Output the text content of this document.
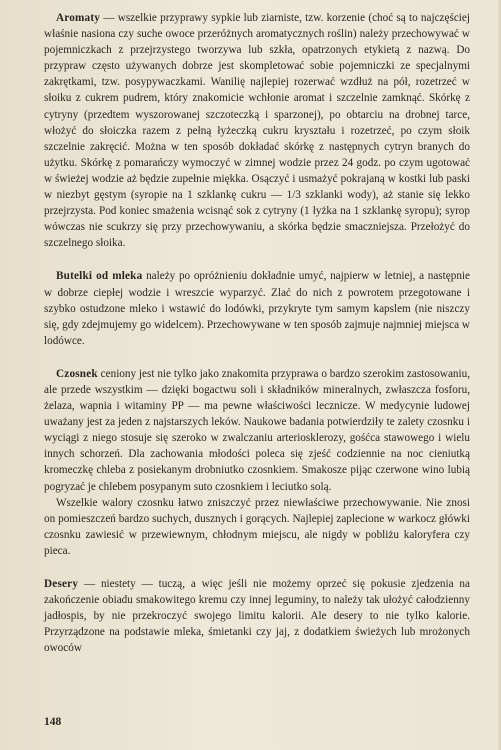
Aromaty — wszelkie przyprawy sypkie lub ziarniste, tzw. korzenie (choć są to najczęściej właśnie nasiona czy suche owoce przeróżnych aromatycznych roślin) należy przechowywać w pojemniczkach z przejrzystego tworzywa lub szkła, opatrzonych etykietą z nazwą. Do przypraw często używanych dobrze jest skompletować sobie pojemniczki ze specjalnymi zakrętkami, tzw. posypywaczkami. Wanilię najlepiej rozerwać wzdłuż na pół, rozetrzeć w słoiku z cukrem pudrem, który znakomicie wchłonie aromat i szczelnie zamknąć. Skórkę z cytryny (przedtem wyszorowanej szczoteczką i sparzonej), po obtarciu na drobnej tarce, włożyć do słoiczka razem z pełną łyżeczką cukru kryształu i rozetrzeć, po czym słoik szczelnie zakręcić. Można w ten sposób dokładać skórkę z następnych cytryn branych do użytku. Skórkę z pomarańczy wymoczyć w zimnej wodzie przez 24 godz. po czym ugotować w świeżej wodzie aż będzie zupełnie miękka. Osączyć i usmażyć pokrajaną w kostki lub paski w niezbyt gęstym (syropie na 1 szklankę cukru — 1/3 szklanki wody), aż stanie się lekko przejrzysta. Pod koniec smażenia wcisnąć sok z cytryny (1 łyżka na 1 szklankę syropu); syrop wówczas nie scukrzy się przy przechowywaniu, a skórka będzie smaczniejsza. Przełożyć do szczelnego słoika.

Butelki od mleka należy po opróżnieniu dokładnie umyć, najpierw w letniej, a następnie w dobrze ciepłej wodzie i wreszcie wyparzyć. Zlać do nich z powrotem przegotowane i szybko ostudzone mleko i wstawić do lodówki, przykryte tym samym kapslem (nie niszczy się, gdy zdejmujemy go widelcem). Przechowywane w ten sposób zajmuje najmniej miejsca w lodówce.

Czosnek ceniony jest nie tylko jako znakomita przyprawa o bardzo szerokim zastosowaniu, ale przede wszystkim — dzięki bogactwu soli i składników mineralnych, zwłaszcza fosforu, żelaza, wapnia i witaminy PP — ma pewne właściwości lecznicze. W medycynie ludowej uważany jest za jeden z najstarszych leków. Naukowe badania potwierdziły te zalety czosnku i wyciągi z niego stosuje się szeroko w zwalczaniu arteriosklerozy, gośćca stawowego i wielu innych schorzeń. Dla zachowania młodości poleca się zjeść codziennie na noc cieniutką kromeczkę chleba z posiekanym drobniutko czosnkiem. Smakosze pijąc czerwone wino lubią pogryzać je chlebem posypanym suto czosnkiem i leciutko solą.

Wszelkie walory czosnku łatwo zniszczyć przez niewłaściwe przechowywanie. Nie znosi on pomieszczeń bardzo suchych, dusznych i gorących. Najlepiej zaplecione w warkocz główki czosnku zawiesić w przewiewnym, chłodnym miejscu, ale nigdy w pobliżu kaloryfera czy pieca.

Desery — niestety — tuczą, a więc jeśli nie możemy oprzeć się pokusie zjedzenia na zakończenie obiadu smakowitego kremu czy innej leguminy, to należy tak ułożyć całodzienny jadłospis, by nie przekroczyć swojego limitu kalorii. Ale desery to nie tylko kalorie. Przyrządzone na podstawie mleka, śmietanki czy jaj, z dodatkiem świeżych lub mrożonych owoców

148
